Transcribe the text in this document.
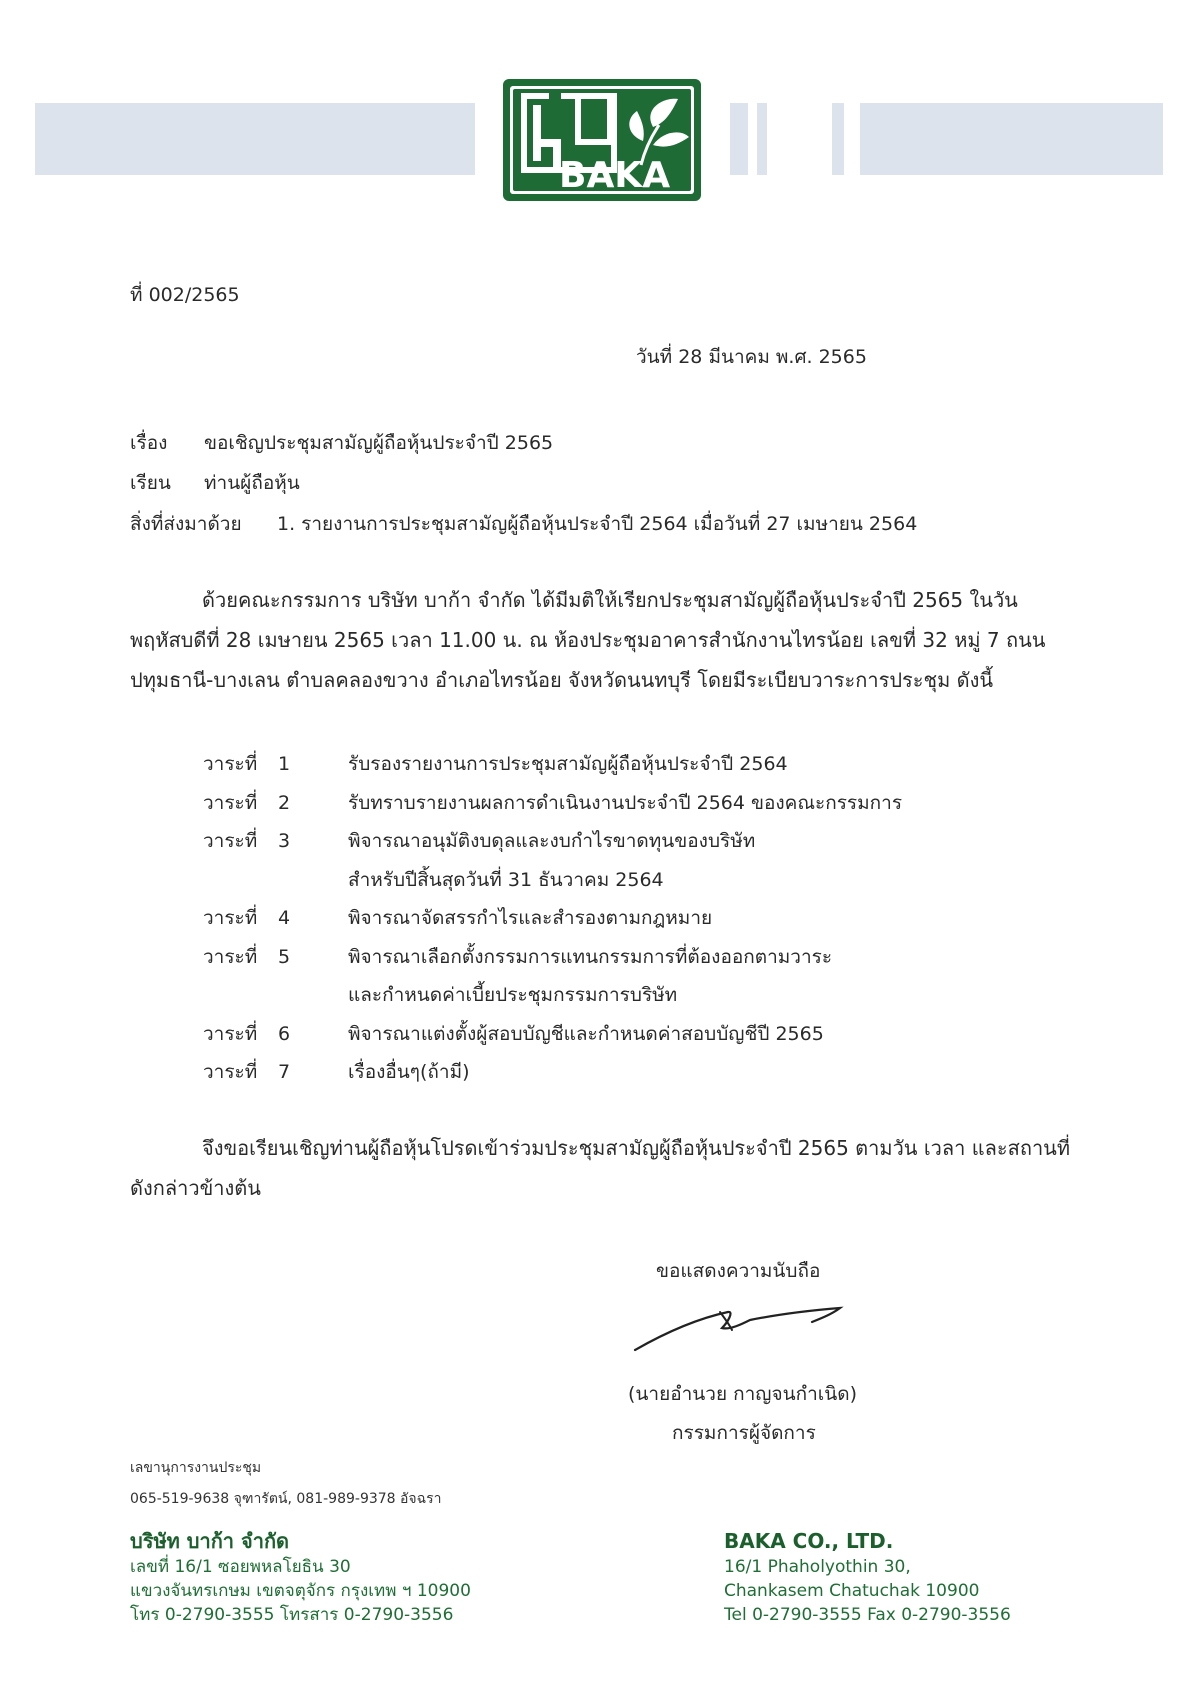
BAKA
ที่ 002/2565
วันที่ 28 มีนาคม พ.ศ. 2565
เรื่อง ขอเชิญประชุมสามัญผู้ถือหุ้นประจำปี 2565
เรียน ท่านผู้ถือหุ้น
สิ่งที่ส่งมาด้วย 1. รายงานการประชุมสามัญผู้ถือหุ้นประจำปี 2564 เมื่อวันที่ 27 เมษายน 2564
ด้วยคณะกรรมการ บริษัท บาก้า จำกัด ได้มีมติให้เรียกประชุมสามัญผู้ถือหุ้นประจำปี 2565 ในวัน
พฤหัสบดีที่ 28 เมษายน 2565 เวลา 11.00 น. ณ ห้องประชุมอาคารสำนักงานไทรน้อย เลขที่ 32 หมู่ 7 ถนน
ปทุมธานี-บางเลน ตำบลคลองขวาง อำเภอไทรน้อย จังหวัดนนทบุรี โดยมีระเบียบวาระการประชุม ดังนี้
วาระที่ 1	รับรองรายงานการประชุมสามัญผู้ถือหุ้นประจำปี 2564
วาระที่ 2	รับทราบรายงานผลการดำเนินงานประจำปี 2564 ของคณะกรรมการ
วาระที่ 3	พิจารณาอนุมัติงบดุลและงบกำไรขาดทุนของบริษัท
สำหรับปีสิ้นสุดวันที่ 31 ธันวาคม 2564
วาระที่ 4	พิจารณาจัดสรรกำไรและสำรองตามกฎหมาย
วาระที่ 5	พิจารณาเลือกตั้งกรรมการแทนกรรมการที่ต้องออกตามวาระ
และกำหนดค่าเบี้ยประชุมกรรมการบริษัท
วาระที่ 6	พิจารณาแต่งตั้งผู้สอบบัญชีและกำหนดค่าสอบบัญชีปี 2565
วาระที่ 7	เรื่องอื่นๆ(ถ้ามี)
จึงขอเรียนเชิญท่านผู้ถือหุ้นโปรดเข้าร่วมประชุมสามัญผู้ถือหุ้นประจำปี 2565 ตามวัน เวลา และสถานที่
ดังกล่าวข้างต้น
ขอแสดงความนับถือ
(นายอำนวย กาญจนกำเนิด)
กรรมการผู้จัดการ
เลขานุการงานประชุม
065-519-9638 จุฑารัตน์, 081-989-9378 อัจฉรา
บริษัท บาก้า จำกัด
เลขที่ 16/1 ซอยพหลโยธิน 30
แขวงจันทรเกษม เขตจตุจักร กรุงเทพ ฯ 10900
โทร 0-2790-3555 โทรสาร 0-2790-3556
BAKA CO., LTD.
16/1 Phaholyothin 30,
Chankasem Chatuchak 10900
Tel 0-2790-3555 Fax 0-2790-3556
